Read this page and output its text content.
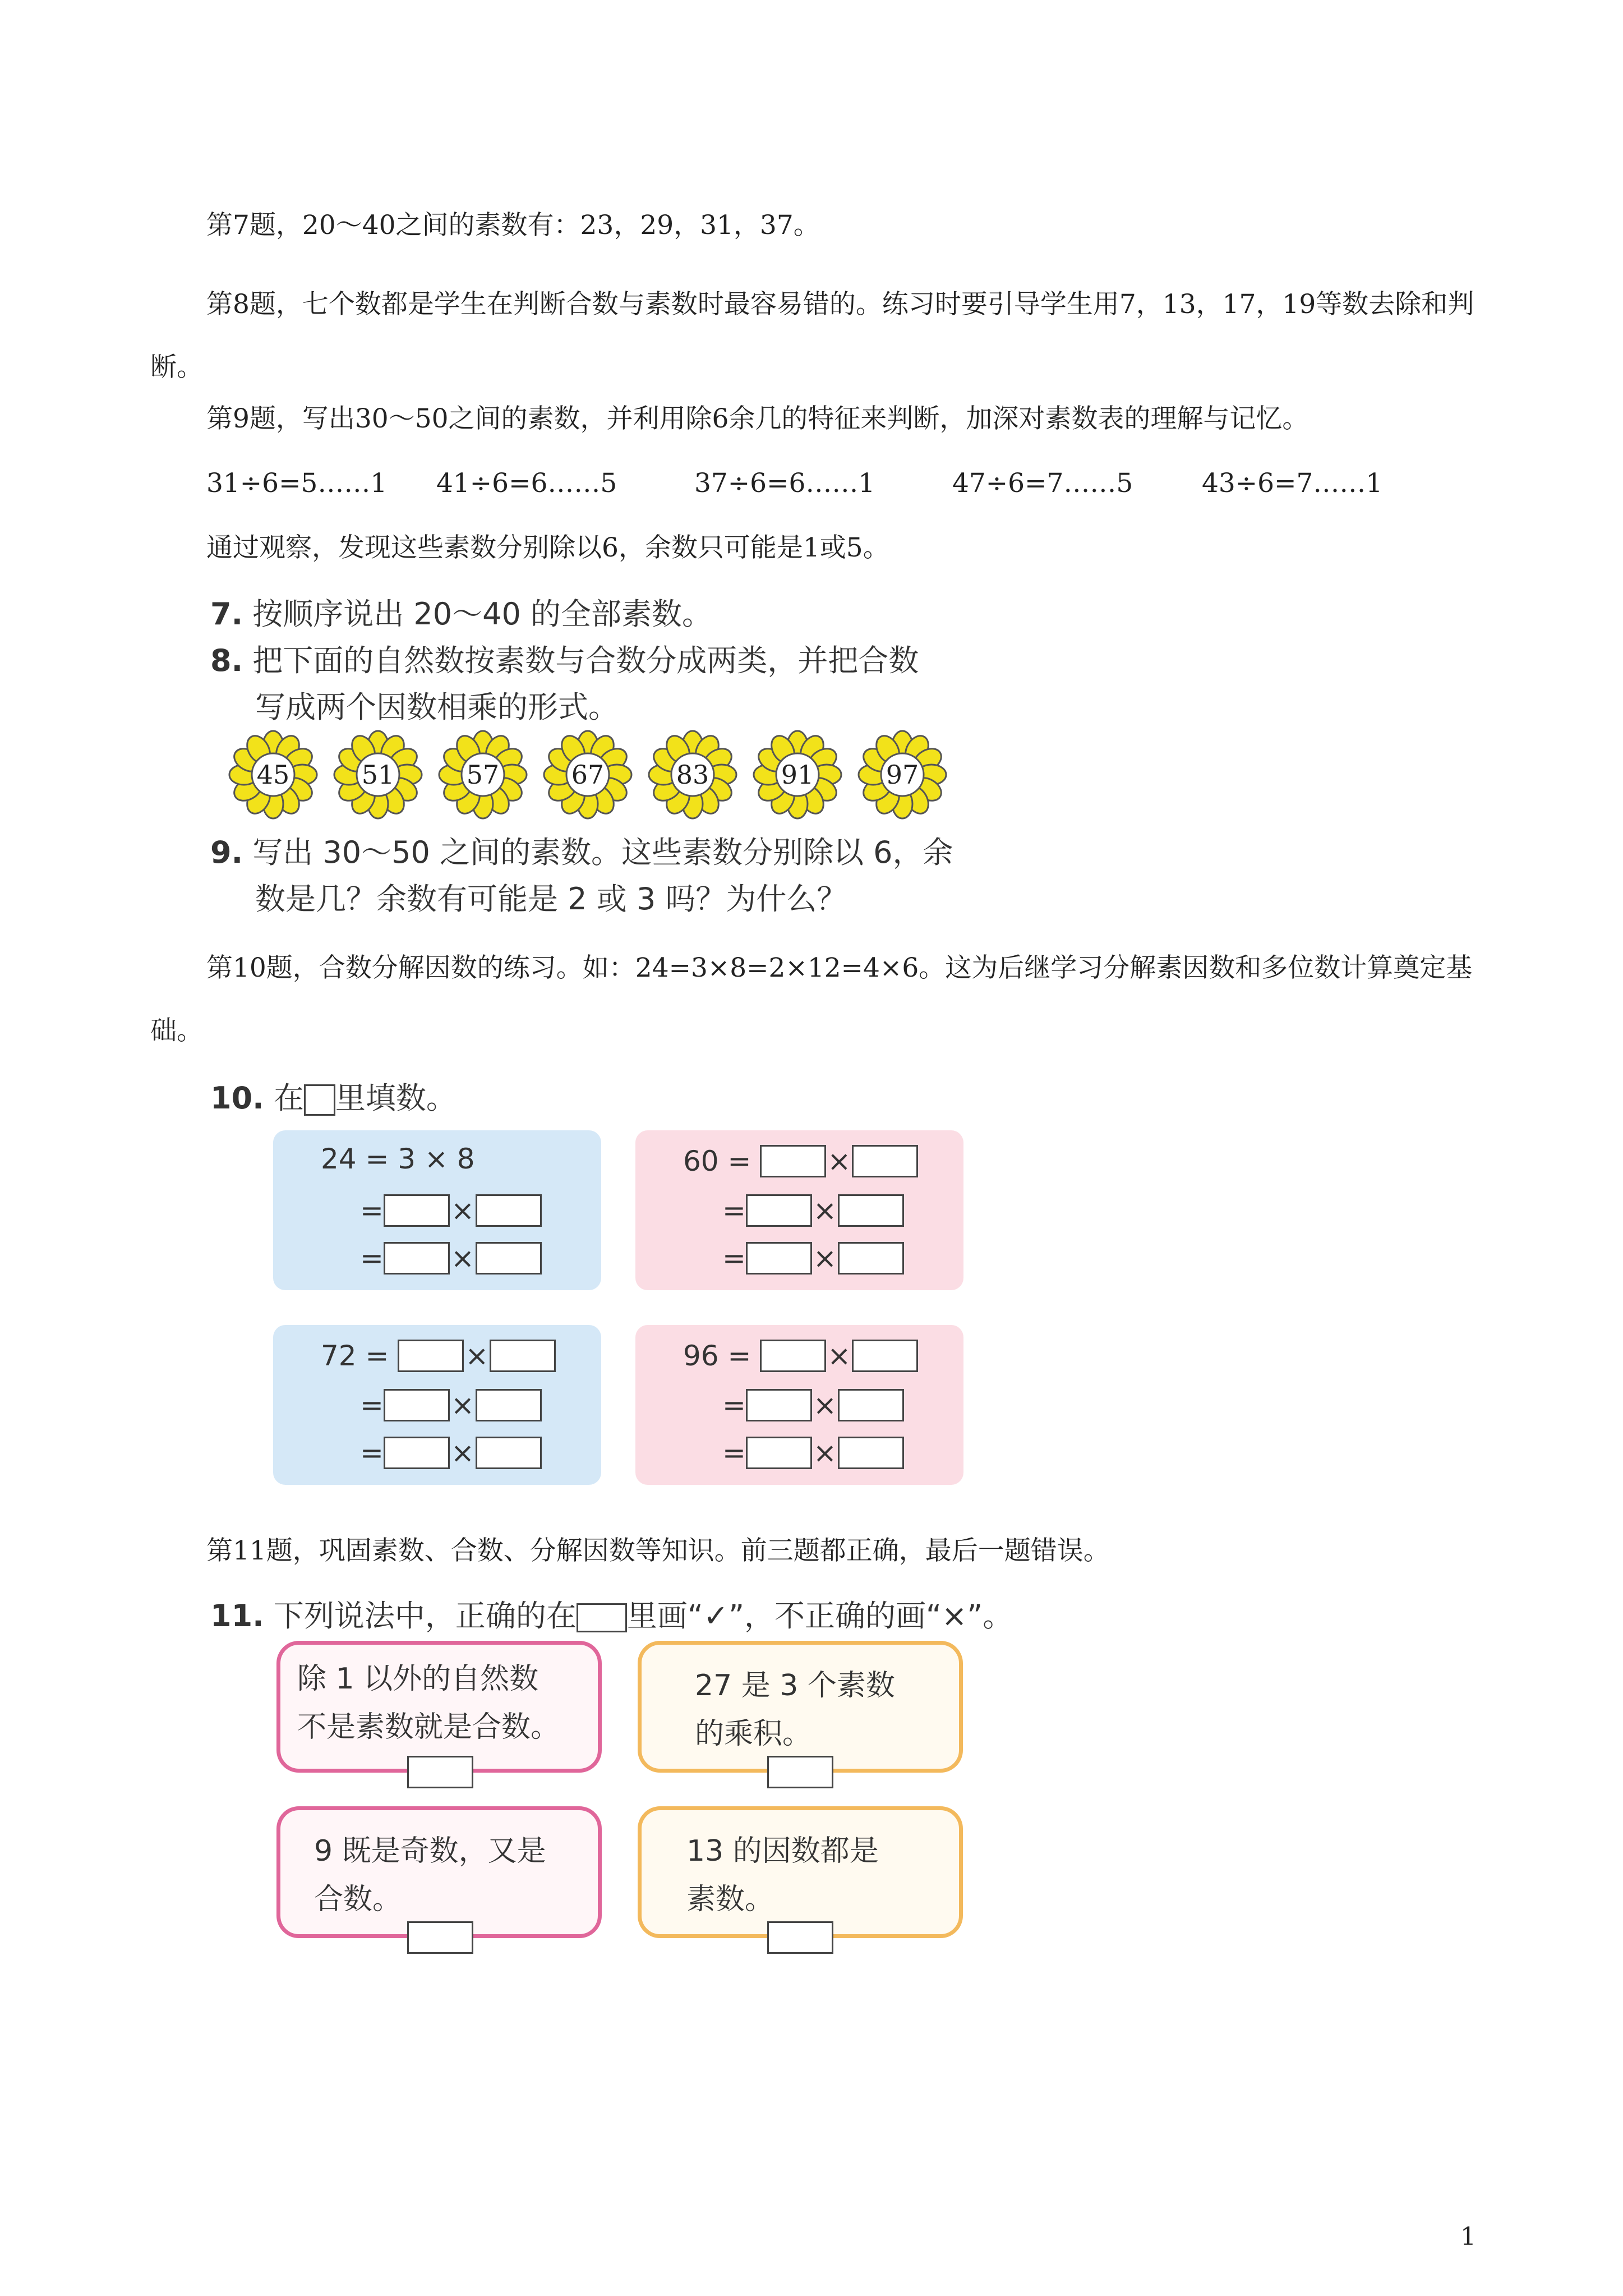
第7题，20～40之间的素数有：23，29，31，37。
第8题，七个数都是学生在判断合数与素数时最容易错的。练习时要引导学生用7，13，17，19等数去除和判断。
第9题，写出30～50之间的素数，并利用除6余几的特征来判断，加深对素数表的理解与记忆。
31÷6=5……1 41÷6=6……5	37÷6=6……1	47÷6=7……5	43÷6=7……1
通过观察，发现这些素数分别除以6，余数只可能是1或5。
7. 按顺序说出 20～40 的全部素数。
8. 把下面的自然数按素数与合数分成两类，并把合数
写成两个因数相乘的形式。
45	51	57	67	83	91	97
9. 写出 30～50 之间的素数。这些素数分别除以 6，余
数是几？余数有可能是 2 或 3 吗？为什么？
第10题，合数分解因数的练习。如：24=3×8=2×12=4×6。这为后继学习分解素因数和多位数计算奠定基础。
10. 在 里填数。
24 = 3 × 8
= ×
= ×
60 =	×
= ×
= ×
72 =	×
= ×
= ×
96 =	×
= ×
= ×
第11题，巩固素数、合数、分解因数等知识。前三题都正确，最后一题错误。
11. 下列说法中，正确的在 里画“✓”，不正确的画“×”。
除 1 以外的自然数
不是素数就是合数。
27 是 3 个素数
的乘积。
9 既是奇数，又是
合数。
13 的因数都是
素数。
1
